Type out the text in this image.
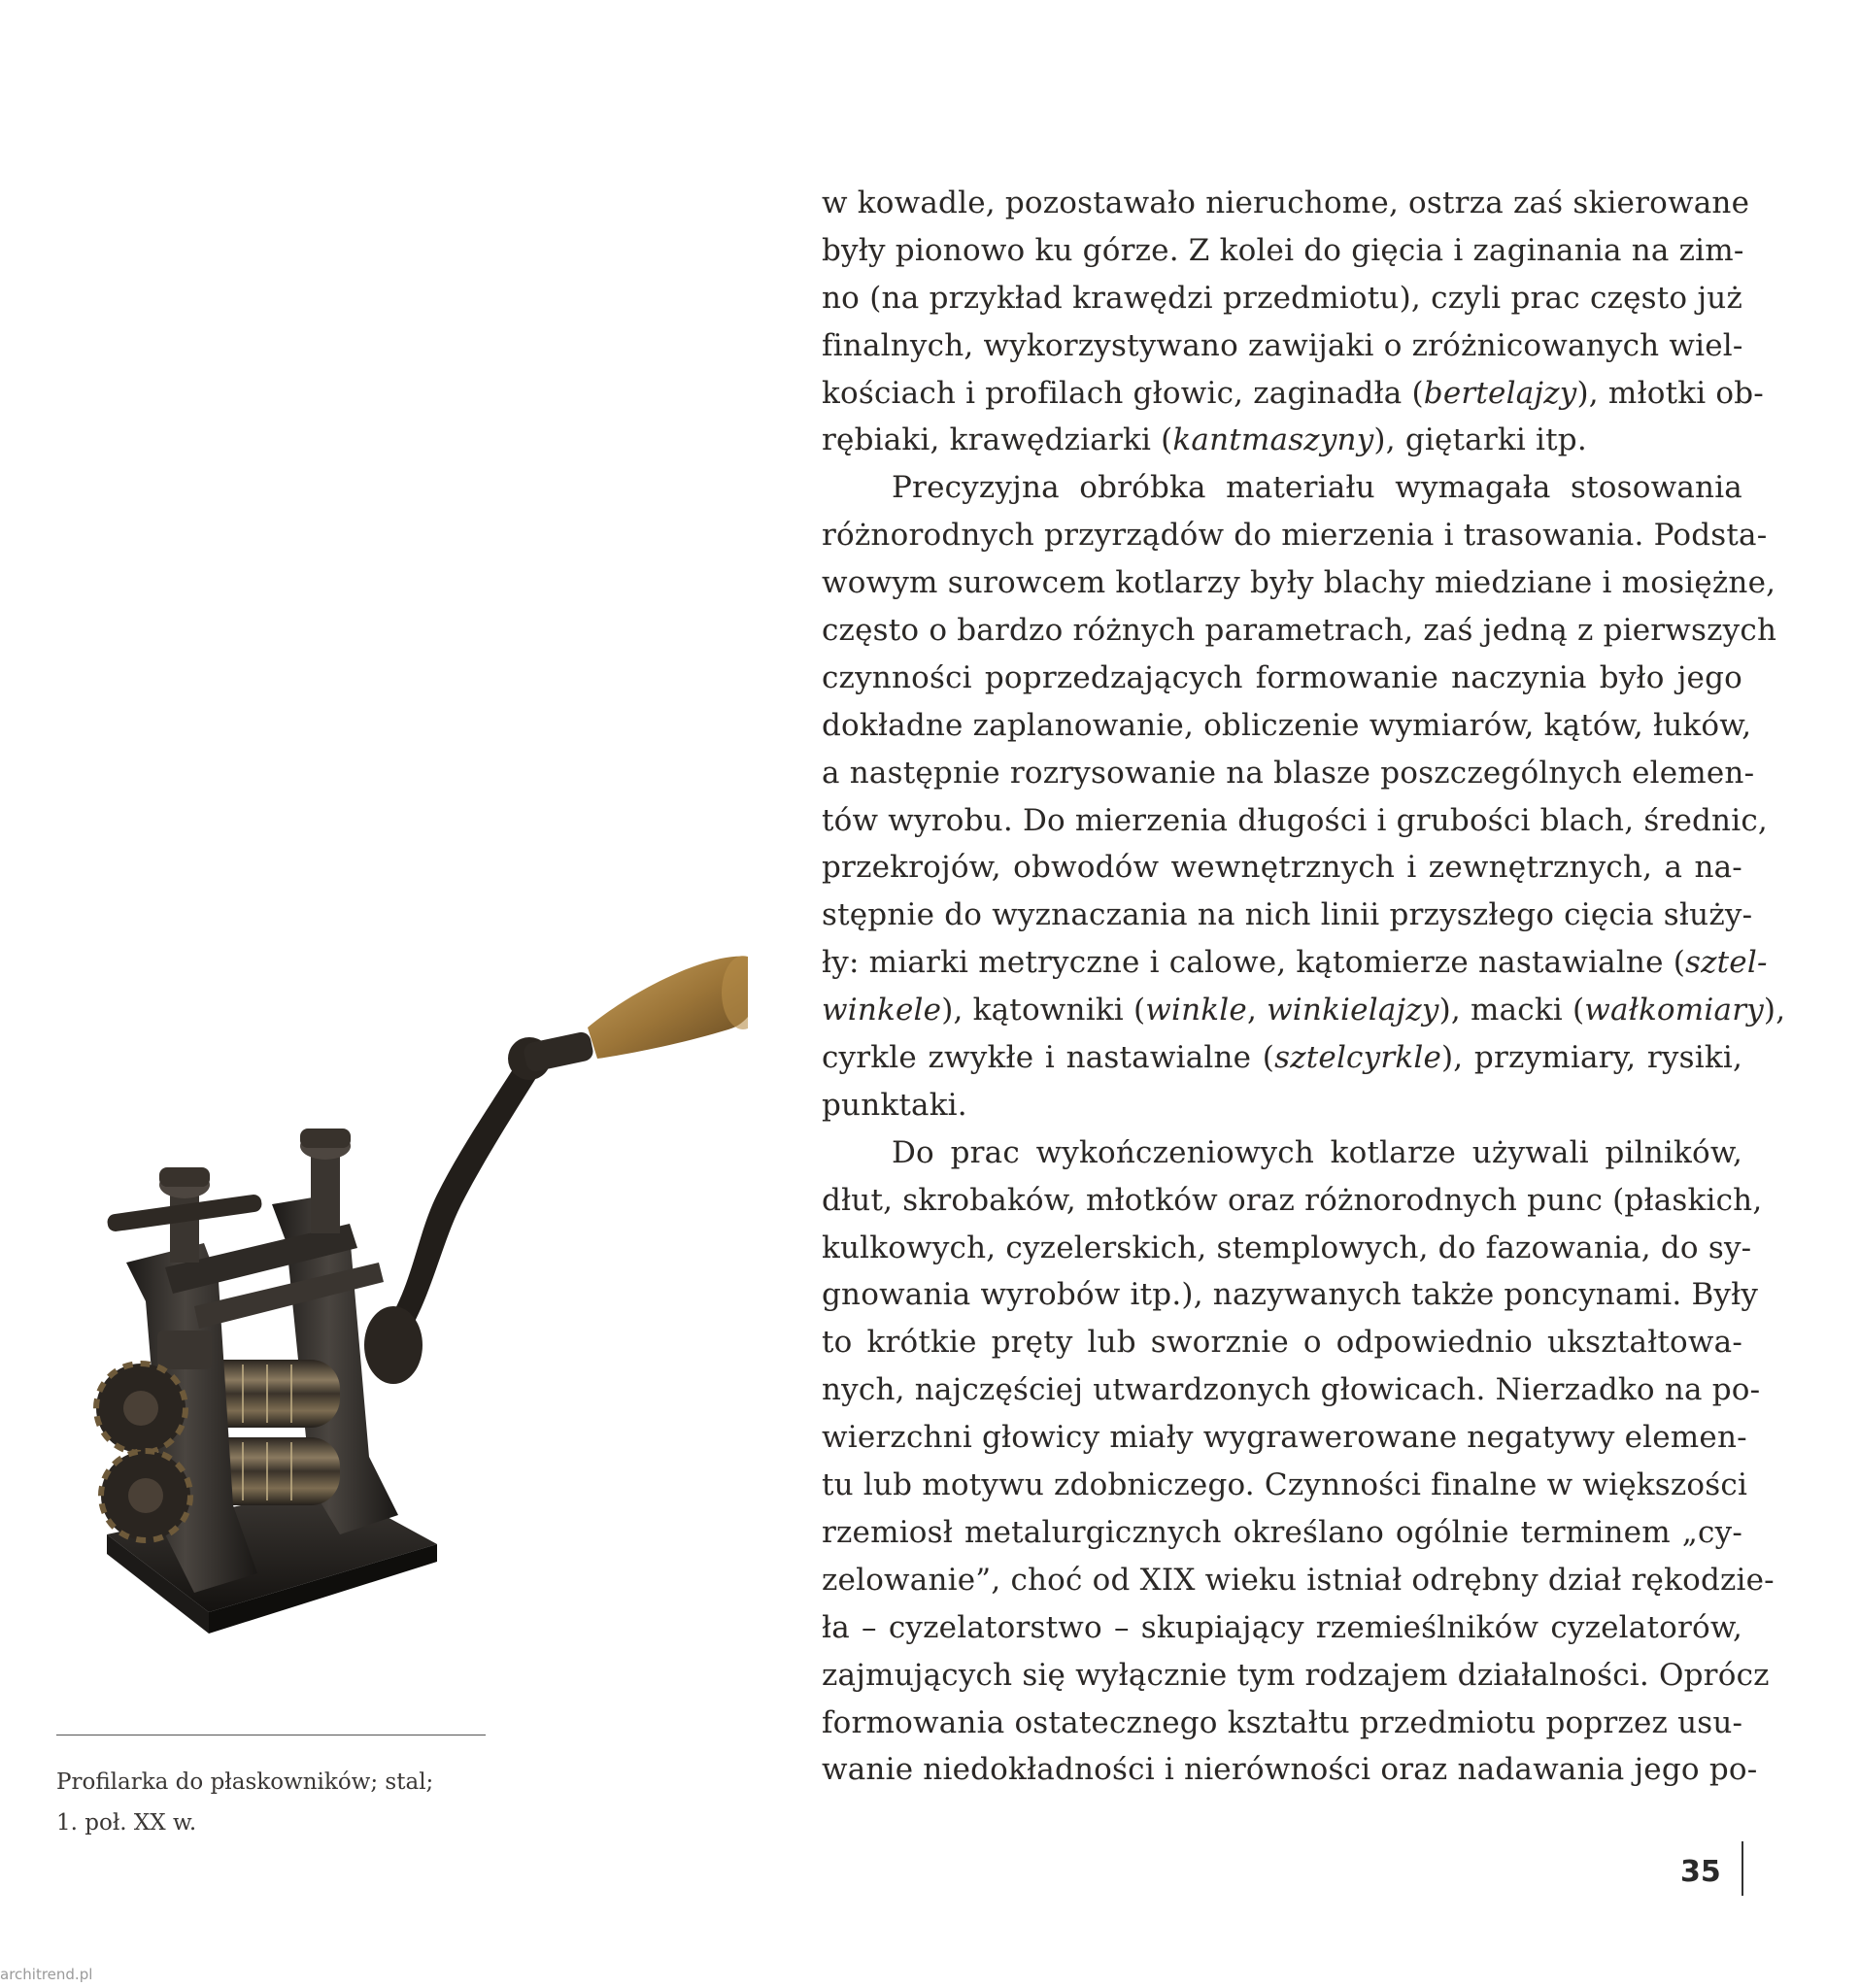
w kowadle, pozostawało nieruchome, ostrza zaś skierowane
były pionowo ku górze. Z kolei do gięcia i zaginania na zim-
no (na przykład krawędzi przedmiotu), czyli prac często już
finalnych, wykorzystywano zawijaki o zróżnicowanych wiel-
kościach i profilach głowic, zaginadła (bertelajzy), młotki ob-
rębiaki, krawędziarki (kantmaszyny), giętarki itp.

Precyzyjna obróbka materiału wymagała stosowania
różnorodnych przyrządów do mierzenia i trasowania. Podsta-
wowym surowcem kotlarzy były blachy miedziane i mosiężne,
często o bardzo różnych parametrach, zaś jedną z pierwszych
czynności poprzedzających formowanie naczynia było jego
dokładne zaplanowanie, obliczenie wymiarów, kątów, łuków,
a następnie rozrysowanie na blasze poszczególnych elemen-
tów wyrobu. Do mierzenia długości i grubości blach, średnic,
przekrojów, obwodów wewnętrznych i zewnętrznych, a na-
stępnie do wyznaczania na nich linii przyszłego cięcia służy-
ły: miarki metryczne i calowe, kątomierze nastawialne (sztel-
winkele), kątowniki (winkle, winkielajzy), macki (wałkomiary),
cyrkle zwykłe i nastawialne (sztelcyrkle), przymiary, rysiki,
punktaki.

Do prac wykończeniowych kotlarze używali pilników,
dłut, skrobaków, młotków oraz różnorodnych punc (płaskich,
kulkowych, cyzelerskich, stemplowych, do fazowania, do sy-
gnowania wyrobów itp.), nazywanych także poncynami. Były
to krótkie pręty lub sworznie o odpowiednio ukształtowa-
nych, najczęściej utwardzonych głowicach. Nierzadko na po-
wierzchni głowicy miały wygrawerowane negatywy elemen-
tu lub motywu zdobniczego. Czynności finalne w większości
rzemiosł metalurgicznych określano ogólnie terminem „cy-
zelowanie”, choć od XIX wieku istniał odrębny dział rękodzie-
ła – cyzelatorstwo – skupiający rzemieślników cyzelatorów,
zajmujących się wyłącznie tym rodzajem działalności. Oprócz
formowania ostatecznego kształtu przedmiotu poprzez usu-
wanie niedokładności i nierówności oraz nadawania jego po-

Profilarka do płaskowników; stal;
1. poł. XX w.
35
architrend.pl
